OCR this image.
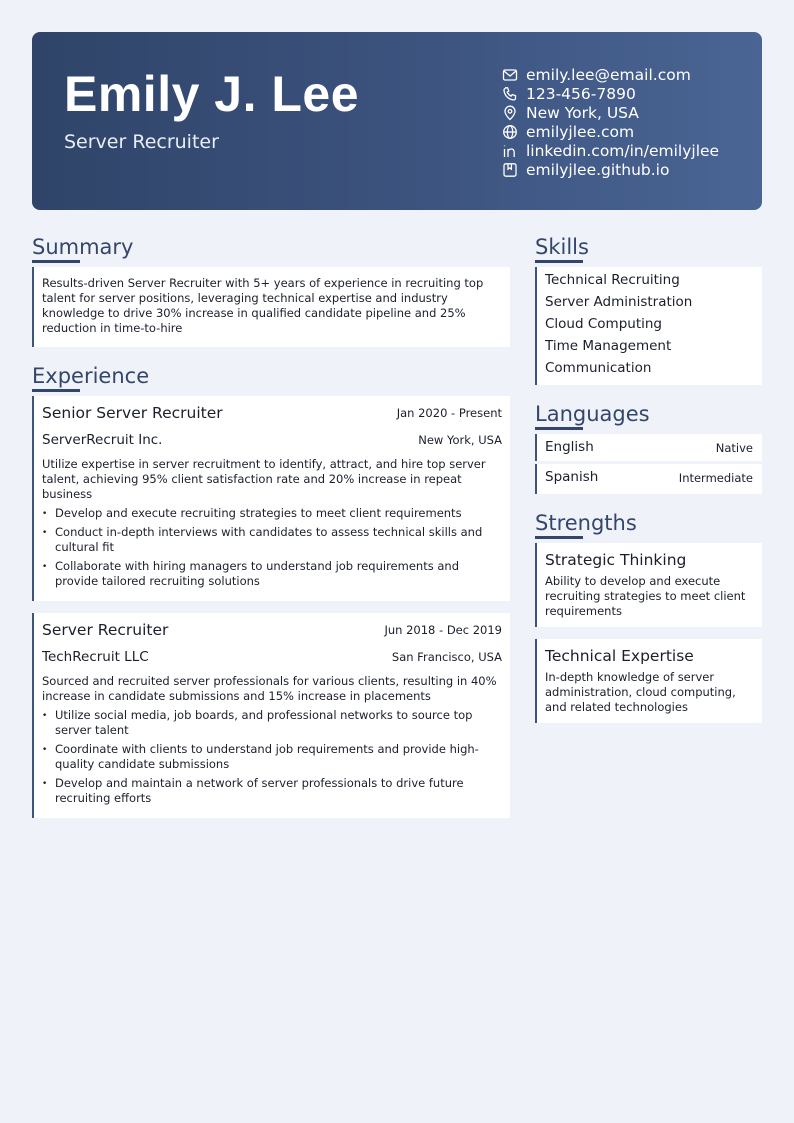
Emily J. Lee
Server Recruiter
emily.lee@email.com
123-456-7890
New York, USA
emilyjlee.com
linkedin.com/in/emilyjlee
emilyjlee.github.io
Summary
Results-driven Server Recruiter with 5+ years of experience in recruiting top talent for server positions, leveraging technical expertise and industry knowledge to drive 30% increase in qualified candidate pipeline and 25% reduction in time-to-hire
Experience
Senior Server Recruiter	Jan 2020 - Present
ServerRecruit Inc.	New York, USA
Utilize expertise in server recruitment to identify, attract, and hire top server talent, achieving 95% client satisfaction rate and 20% increase in repeat business
• Develop and execute recruiting strategies to meet client requirements
• Conduct in-depth interviews with candidates to assess technical skills and cultural fit
• Collaborate with hiring managers to understand job requirements and provide tailored recruiting solutions
Server Recruiter	Jun 2018 - Dec 2019
TechRecruit LLC	San Francisco, USA
Sourced and recruited server professionals for various clients, resulting in 40% increase in candidate submissions and 15% increase in placements
• Utilize social media, job boards, and professional networks to source top server talent
• Coordinate with clients to understand job requirements and provide high-quality candidate submissions
• Develop and maintain a network of server professionals to drive future recruiting efforts
Skills
Technical Recruiting
Server Administration
Cloud Computing
Time Management
Communication
Languages
English	Native
Spanish	Intermediate
Strengths
Strategic Thinking
Ability to develop and execute recruiting strategies to meet client requirements
Technical Expertise
In-depth knowledge of server administration, cloud computing, and related technologies
